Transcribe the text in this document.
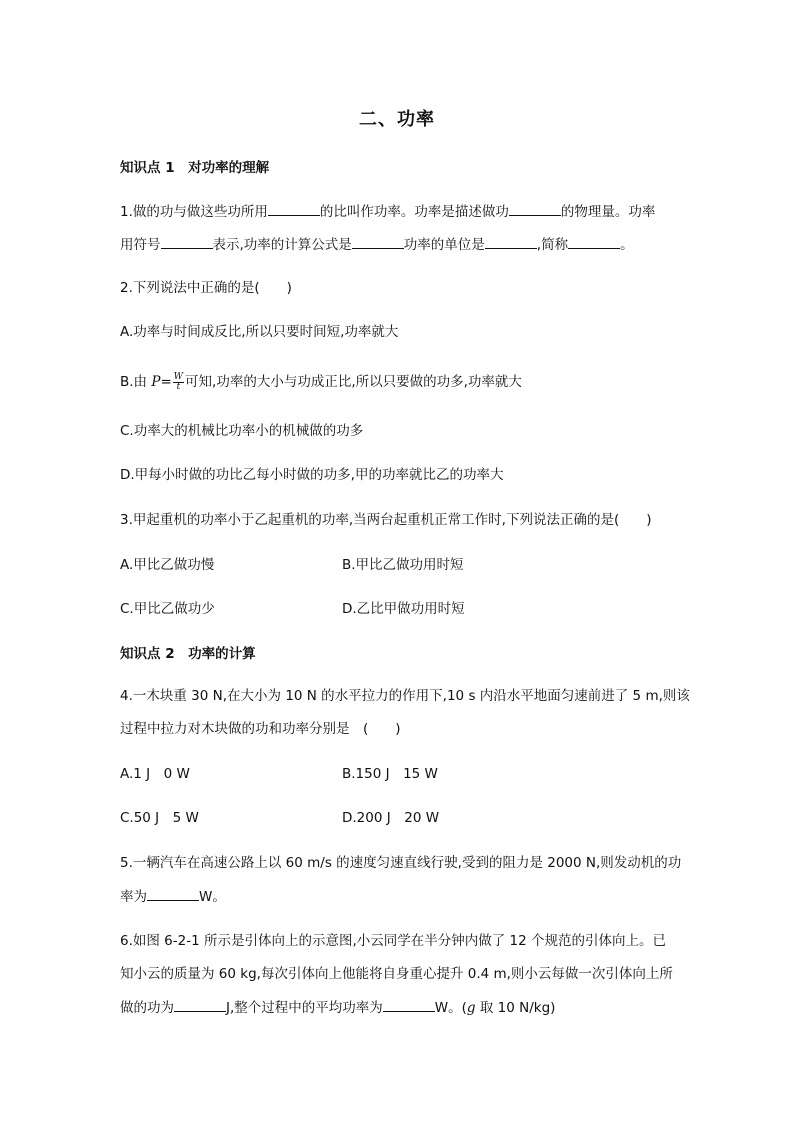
二、功率
知识点 1　对功率的理解
1.做的功与做这些功所用	的比叫作功率。功率是描述做功	的物理量。功率
用符号	表示,功率的计算公式是	功率的单位是	,简称	。
2.下列说法中正确的是(　　)
A.功率与时间成反比,所以只要时间短,功率就大
B.由 $P= \frac{W}{t}$ 可知,功率的大小与功成正比,所以只要做的功多,功率就大
C.功率大的机械比功率小的机械做的功多
D.甲每小时做的功比乙每小时做的功多,甲的功率就比乙的功率大
3.甲起重机的功率小于乙起重机的功率,当两台起重机正常工作时,下列说法正确的是(　　)
A.甲比乙做功慢	B.甲比乙做功用时短
C.甲比乙做功少	D.乙比甲做功用时短
知识点 2　功率的计算
4.一木块重 30 N,在大小为 10 N 的水平拉力的作用下,10 s 内沿水平地面匀速前进了 5 m,则该
过程中拉力对木块做的功和功率分别是　(　　)
A.1 J　0 W	B.150 J　15 W
C.50 J　5 W	D.200 J　20 W
5.一辆汽车在高速公路上以 60 m/s 的速度匀速直线行驶,受到的阻力是 2000 N,则发动机的功
率为	W。
6.如图 6-2-1 所示是引体向上的示意图,小云同学在半分钟内做了 12 个规范的引体向上。已
知小云的质量为 60 kg,每次引体向上他能将自身重心提升 0.4 m,则小云每做一次引体向上所
做的功为	J,整个过程中的平均功率为	W。(g 取 10 N/kg)
